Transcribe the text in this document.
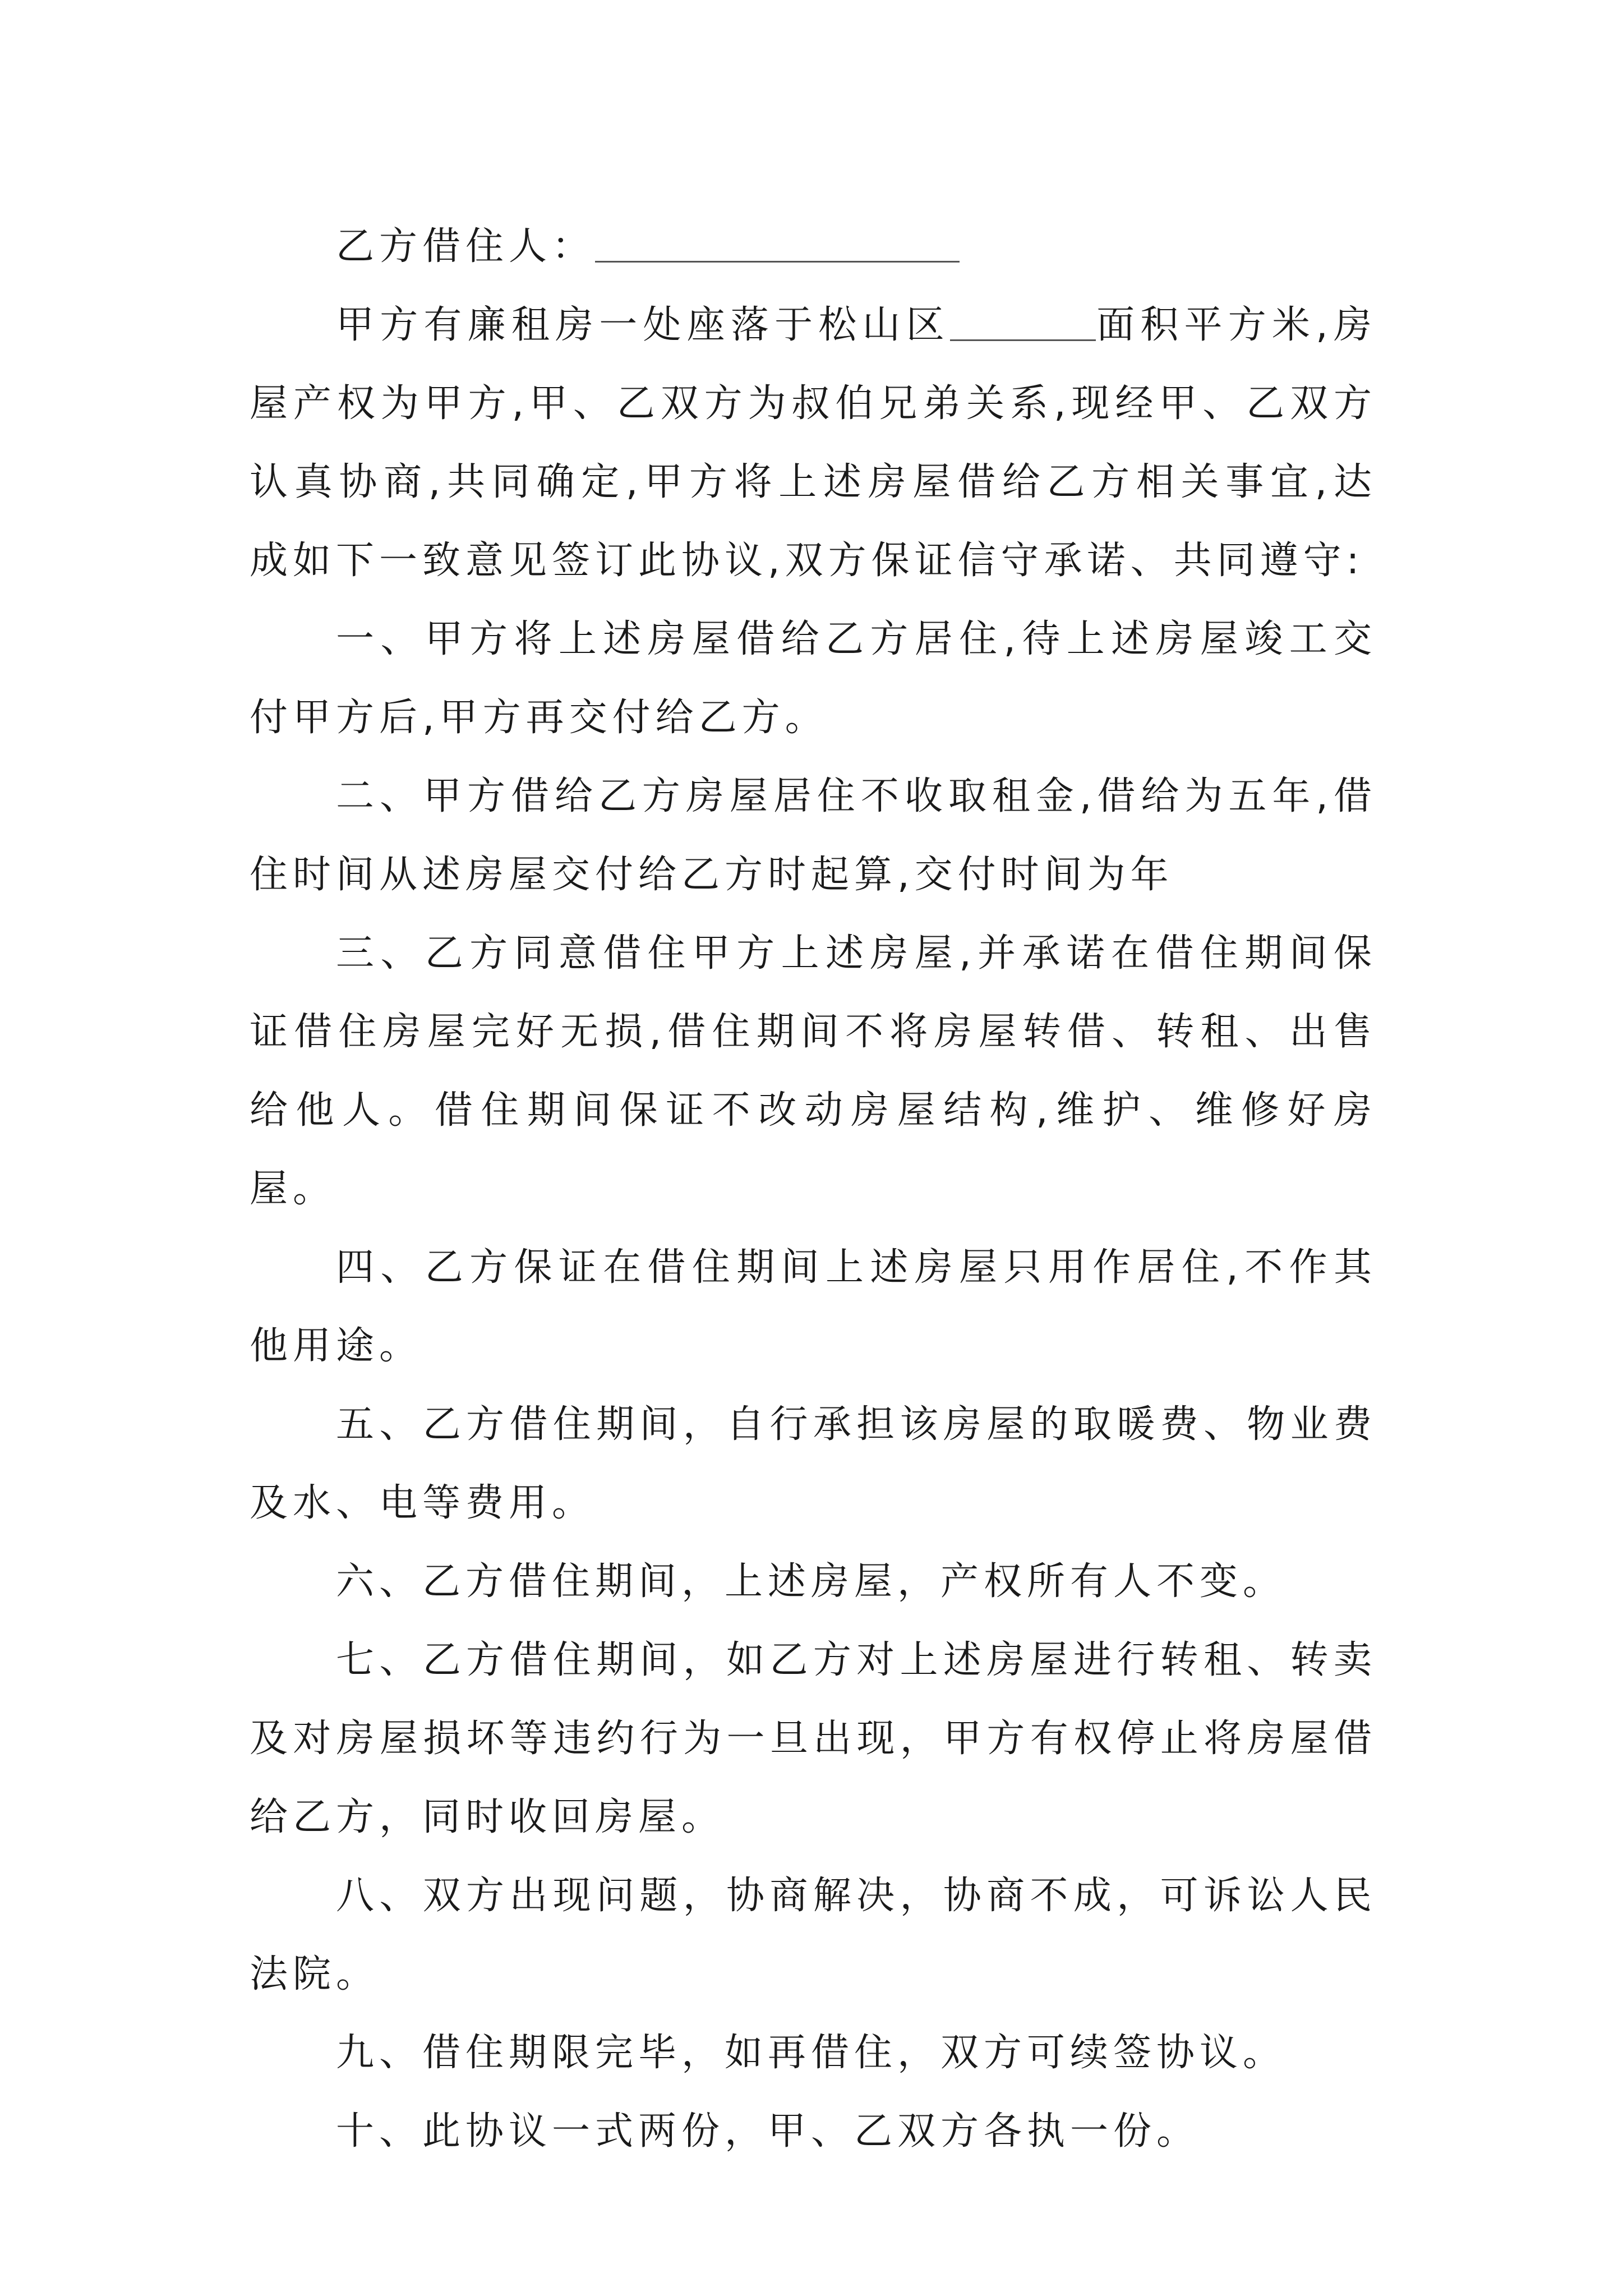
乙方借住人：

甲方有廉租房一处座落于松山区	面积平方米,房屋产权为甲方,甲、乙双方为叔伯兄弟关系,现经甲、乙双方认真协商,共同确定,甲方将上述房屋借给乙方相关事宜,达成如下一致意见签订此协议,双方保证信守承诺、共同遵守:

一、甲方将上述房屋借给乙方居住,待上述房屋竣工交付甲方后,甲方再交付给乙方。

二、甲方借给乙方房屋居住不收取租金,借给为五年,借住时间从述房屋交付给乙方时起算,交付时间为年

三、乙方同意借住甲方上述房屋,并承诺在借住期间保证借住房屋完好无损,借住期间不将房屋转借、转租、出售给他人。借住期间保证不改动房屋结构,维护、维修好房屋。

四、乙方保证在借住期间上述房屋只用作居住,不作其他用途。

五、乙方借住期间，自行承担该房屋的取暖费、物业费及水、电等费用。

六、乙方借住期间，上述房屋，产权所有人不变。

七、乙方借住期间，如乙方对上述房屋进行转租、转卖及对房屋损坏等违约行为一旦出现，甲方有权停止将房屋借给乙方，同时收回房屋。

八、双方出现问题，协商解决，协商不成，可诉讼人民法院。

九、借住期限完毕，如再借住，双方可续签协议。

十、此协议一式两份，甲、乙双方各执一份。
